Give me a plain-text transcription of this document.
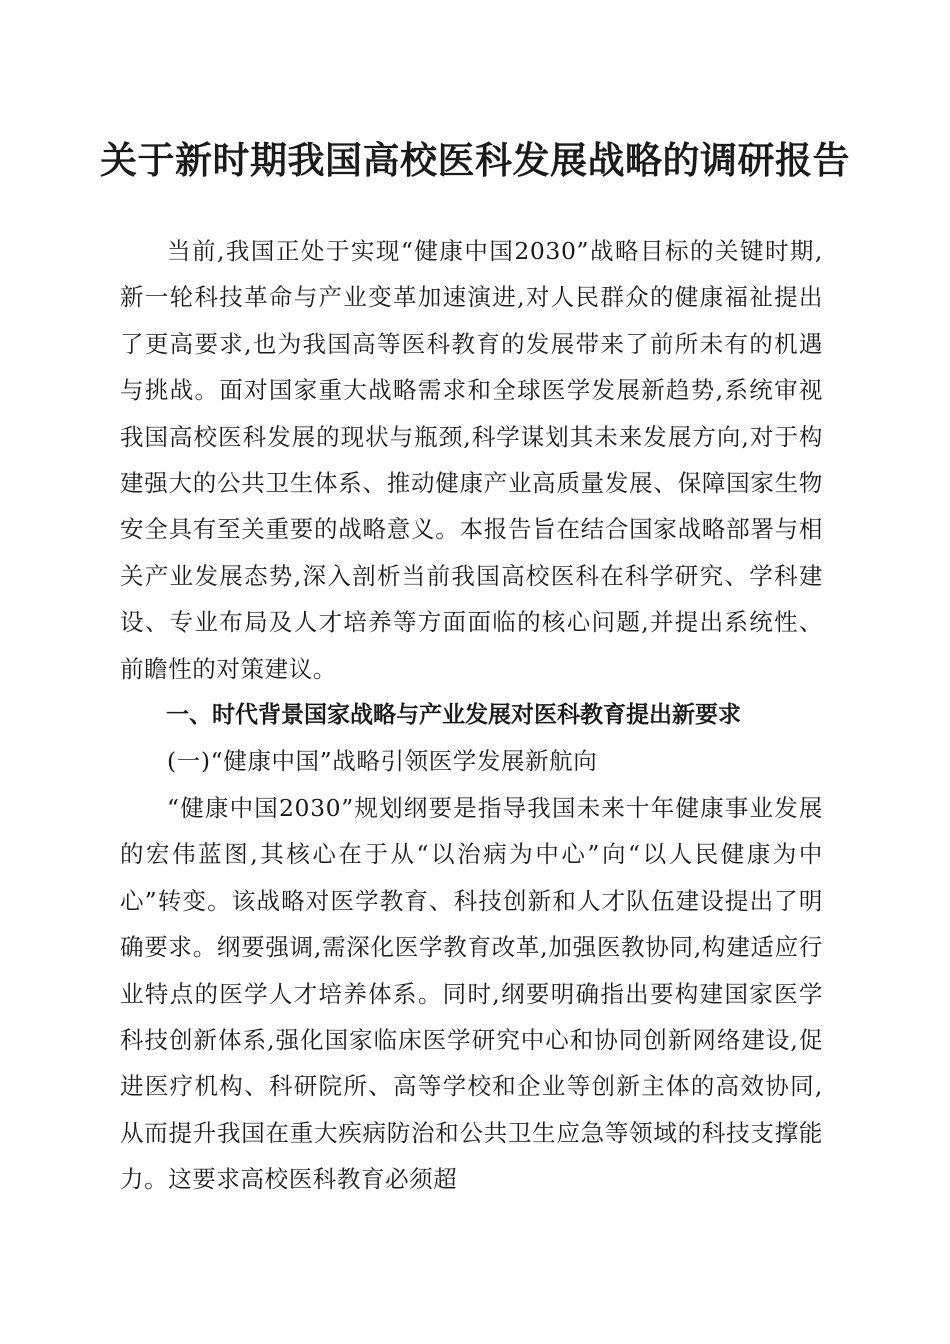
关于新时期我国高校医科发展战略的调研报告

当前,我国正处于实现“健康中国2030”战略目标的关键时期,新一轮科技革命与产业变革加速演进,对人民群众的健康福祉提出了更高要求,也为我国高等医科教育的发展带来了前所未有的机遇与挑战。面对国家重大战略需求和全球医学发展新趋势,系统审视我国高校医科发展的现状与瓶颈,科学谋划其未来发展方向,对于构建强大的公共卫生体系、推动健康产业高质量发展、保障国家生物安全具有至关重要的战略意义。本报告旨在结合国家战略部署与相关产业发展态势,深入剖析当前我国高校医科在科学研究、学科建设、专业布局及人才培养等方面面临的核心问题,并提出系统性、前瞻性的对策建议。

一、时代背景国家战略与产业发展对医科教育提出新要求

(一)“健康中国”战略引领医学发展新航向

“健康中国2030”规划纲要是指导我国未来十年健康事业发展的宏伟蓝图,其核心在于从“以治病为中心”向“以人民健康为中心”转变。该战略对医学教育、科技创新和人才队伍建设提出了明确要求。纲要强调,需深化医学教育改革,加强医教协同,构建适应行业特点的医学人才培养体系。同时,纲要明确指出要构建国家医学科技创新体系,强化国家临床医学研究中心和协同创新网络建设,促进医疗机构、科研院所、高等学校和企业等创新主体的高效协同,从而提升我国在重大疾病防治和公共卫生应急等领域的科技支撑能力。这要求高校医科教育必须超
